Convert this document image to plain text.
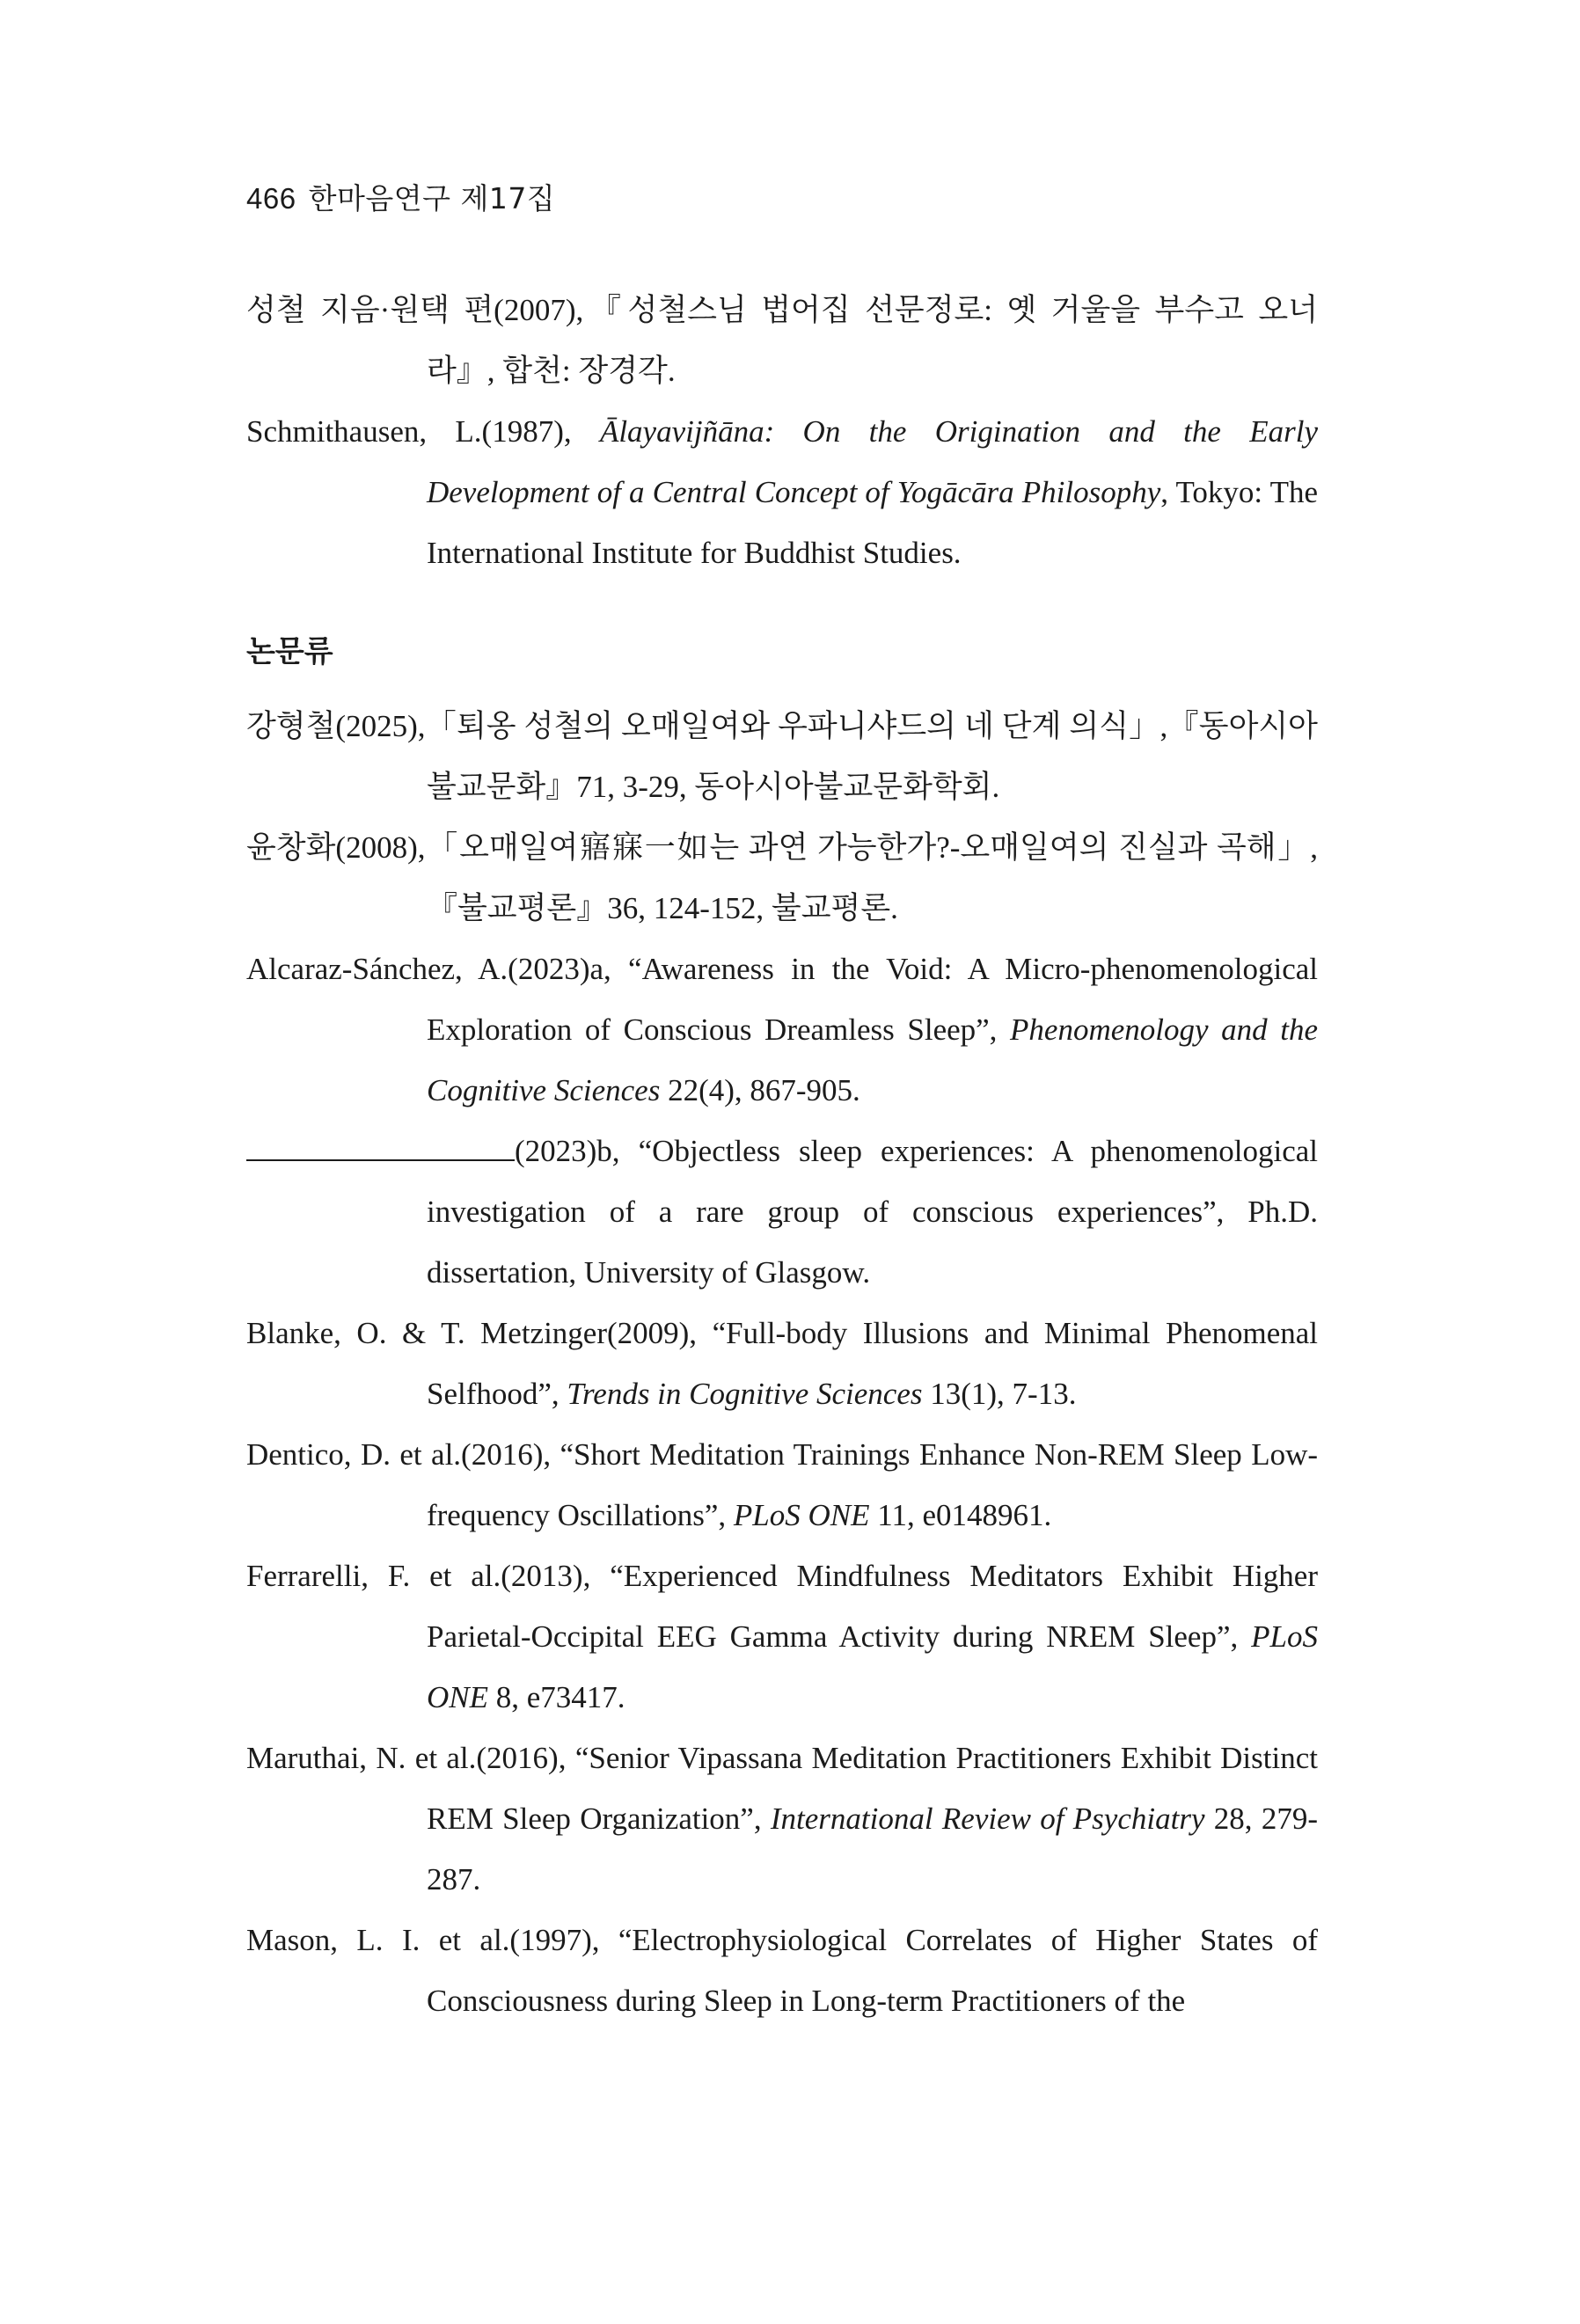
466 한마음연구 제17집

성철 지음·원택 편(2007),『성철스님 법어집 선문정로: 옛 거울을 부수고 오너라』, 합천: 장경각.

Schmithausen, L.(1987), Ālayavijñāna: On the Origination and the Early Development of a Central Concept of Yogācāra Philosophy, Tokyo: The International Institute for Buddhist Studies.

논문류

강형철(2025),「퇴옹 성철의 오매일여와 우파니샤드의 네 단계 의식」,『동아시아불교문화』71, 3-29, 동아시아불교문화학회.

윤창화(2008),「오매일여寤寐一如는 과연 가능한가?-오매일여의 진실과 곡해」,『불교평론』36, 124-152, 불교평론.

Alcaraz-Sánchez, A.(2023)a, “Awareness in the Void: A Micro-phenomenological Exploration of Conscious Dreamless Sleep”, Phenomenology and the Cognitive Sciences 22(4), 867-905.

(2023)b, “Objectless sleep experiences: A phenomenological investigation of a rare group of conscious experiences”, Ph.D. dissertation, University of Glasgow.

Blanke, O. & T. Metzinger(2009), “Full-body Illusions and Minimal Phenomenal Selfhood”, Trends in Cognitive Sciences 13(1), 7-13.

Dentico, D. et al.(2016), “Short Meditation Trainings Enhance Non-REM Sleep Low-frequency Oscillations”, PLoS ONE 11, e0148961.

Ferrarelli, F. et al.(2013), “Experienced Mindfulness Meditators Exhibit Higher Parietal-Occipital EEG Gamma Activity during NREM Sleep”, PLoS ONE 8, e73417.

Maruthai, N. et al.(2016), “Senior Vipassana Meditation Practitioners Exhibit Distinct REM Sleep Organization”, International Review of Psychiatry 28, 279-287.

Mason, L. I. et al.(1997), “Electrophysiological Correlates of Higher States of Consciousness during Sleep in Long-term Practitioners of the
